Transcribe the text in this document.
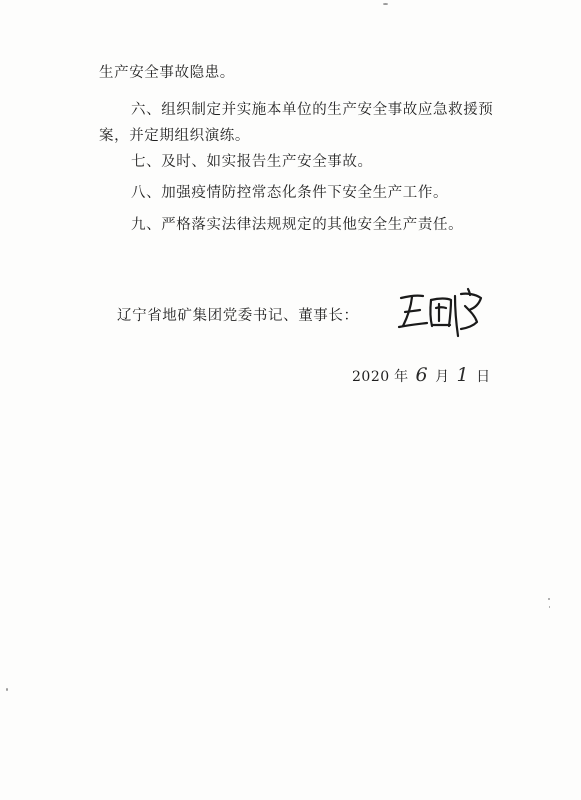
生产安全事故隐患。
六、组织制定并实施本单位的生产安全事故应急救援预
案，并定期组织演练。
七、及时、如实报告生产安全事故。
八、加强疫情防控常态化条件下安全生产工作。
九、严格落实法律法规规定的其他安全生产责任。
辽宁省地矿集团党委书记、董事长：
2020 年 6 月 1 日
